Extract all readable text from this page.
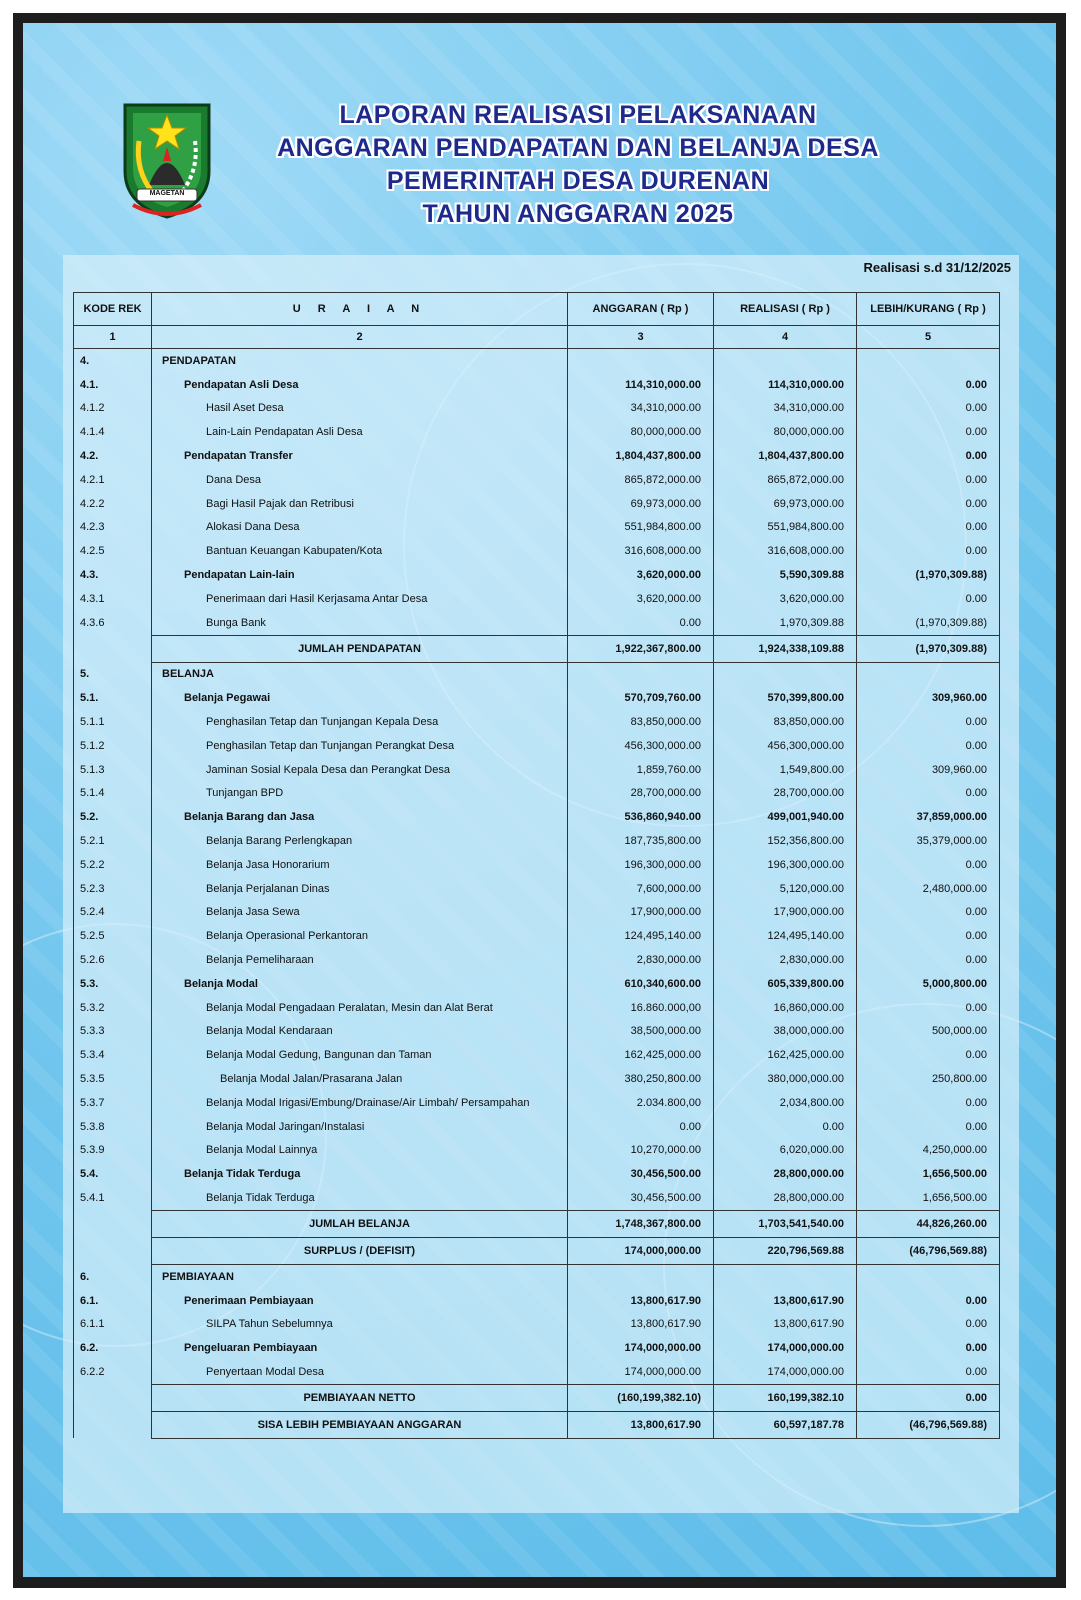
MAGETAN
LAPORAN REALISASI PELAKSANAAN
ANGGARAN PENDAPATAN DAN BELANJA DESA
PEMERINTAH DESA DURENAN
TAHUN ANGGARAN 2025
Realisasi s.d 31/12/2025
KODE REK	U R A I A N	ANGGARAN ( Rp )	REALISASI ( Rp )	LEBIH/KURANG ( Rp )
1	2	3	4	5
4.	PENDAPATAN			
4.1.	Pendapatan Asli Desa	114,310,000.00	114,310,000.00	0.00
4.1.2	Hasil Aset Desa	34,310,000.00	34,310,000.00	0.00
4.1.4	Lain-Lain Pendapatan Asli Desa	80,000,000.00	80,000,000.00	0.00
4.2.	Pendapatan Transfer	1,804,437,800.00	1,804,437,800.00	0.00
4.2.1	Dana Desa	865,872,000.00	865,872,000.00	0.00
4.2.2	Bagi Hasil Pajak dan Retribusi	69,973,000.00	69,973,000.00	0.00
4.2.3	Alokasi Dana Desa	551,984,800.00	551,984,800.00	0.00
4.2.5	Bantuan Keuangan Kabupaten/Kota	316,608,000.00	316,608,000.00	0.00
4.3.	Pendapatan Lain-lain	3,620,000.00	5,590,309.88	(1,970,309.88)
4.3.1	Penerimaan dari Hasil Kerjasama Antar Desa	3,620,000.00	3,620,000.00	0.00
4.3.6	Bunga Bank	0.00	1,970,309.88	(1,970,309.88)
	JUMLAH PENDAPATAN	1,922,367,800.00	1,924,338,109.88	(1,970,309.88)
5.	BELANJA			
5.1.	Belanja Pegawai	570,709,760.00	570,399,800.00	309,960.00
5.1.1	Penghasilan Tetap dan Tunjangan Kepala Desa	83,850,000.00	83,850,000.00	0.00
5.1.2	Penghasilan Tetap dan Tunjangan Perangkat Desa	456,300,000.00	456,300,000.00	0.00
5.1.3	Jaminan Sosial Kepala Desa dan Perangkat Desa	1,859,760.00	1,549,800.00	309,960.00
5.1.4	Tunjangan BPD	28,700,000.00	28,700,000.00	0.00
5.2.	Belanja Barang dan Jasa	536,860,940.00	499,001,940.00	37,859,000.00
5.2.1	Belanja Barang Perlengkapan	187,735,800.00	152,356,800.00	35,379,000.00
5.2.2	Belanja Jasa Honorarium	196,300,000.00	196,300,000.00	0.00
5.2.3	Belanja Perjalanan Dinas	7,600,000.00	5,120,000.00	2,480,000.00
5.2.4	Belanja Jasa Sewa	17,900,000.00	17,900,000.00	0.00
5.2.5	Belanja Operasional Perkantoran	124,495,140.00	124,495,140.00	0.00
5.2.6	Belanja Pemeliharaan	2,830,000.00	2,830,000.00	0.00
5.3.	Belanja Modal	610,340,600.00	605,339,800.00	5,000,800.00
5.3.2	Belanja Modal Pengadaan Peralatan, Mesin dan Alat Berat	16.860.000,00	16,860,000.00	0.00
5.3.3	Belanja Modal Kendaraan	38,500,000.00	38,000,000.00	500,000.00
5.3.4	Belanja Modal Gedung, Bangunan dan Taman	162,425,000.00	162,425,000.00	0.00
5.3.5	Belanja Modal Jalan/Prasarana Jalan	380,250,800.00	380,000,000.00	250,800.00
5.3.7	Belanja Modal Irigasi/Embung/Drainase/Air Limbah/ Persampahan	2.034.800,00	2,034,800.00	0.00
5.3.8	Belanja Modal Jaringan/Instalasi	0.00	0.00	0.00
5.3.9	Belanja Modal Lainnya	10,270,000.00	6,020,000.00	4,250,000.00
5.4.	Belanja Tidak Terduga	30,456,500.00	28,800,000.00	1,656,500.00
5.4.1	Belanja Tidak Terduga	30,456,500.00	28,800,000.00	1,656,500.00
	JUMLAH BELANJA	1,748,367,800.00	1,703,541,540.00	44,826,260.00
	SURPLUS / (DEFISIT)	174,000,000.00	220,796,569.88	(46,796,569.88)
6.	PEMBIAYAAN			
6.1.	Penerimaan Pembiayaan	13,800,617.90	13,800,617.90	0.00
6.1.1	SILPA Tahun Sebelumnya	13,800,617.90	13,800,617.90	0.00
6.2.	Pengeluaran Pembiayaan	174,000,000.00	174,000,000.00	0.00
6.2.2	Penyertaan Modal Desa	174,000,000.00	174,000,000.00	0.00
	PEMBIAYAAN NETTO	(160,199,382.10)	160,199,382.10	0.00
	SISA LEBIH PEMBIAYAAN ANGGARAN	13,800,617.90	60,597,187.78	(46,796,569.88)
